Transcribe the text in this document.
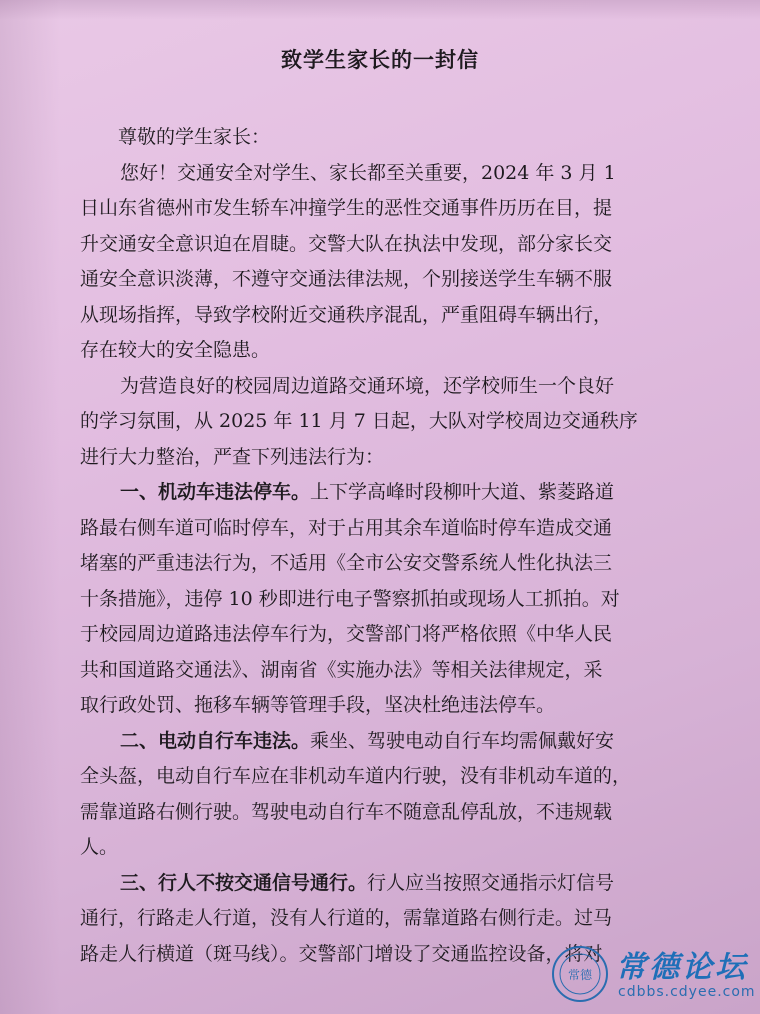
致学生家长的一封信

尊敬的学生家长：

您好！交通安全对学生、家长都至关重要，2024 年 3 月 1

日山东省德州市发生轿车冲撞学生的恶性交通事件历历在目，提

升交通安全意识迫在眉睫。交警大队在执法中发现，部分家长交

通安全意识淡薄，不遵守交通法律法规，个别接送学生车辆不服

从现场指挥，导致学校附近交通秩序混乱，严重阻碍车辆出行，

存在较大的安全隐患。

为营造良好的校园周边道路交通环境，还学校师生一个良好

的学习氛围，从 2025 年 11 月 7 日起，大队对学校周边交通秩序

进行大力整治，严查下列违法行为：

一、机动车违法停车。上下学高峰时段柳叶大道、紫菱路道

路最右侧车道可临时停车，对于占用其余车道临时停车造成交通

堵塞的严重违法行为，不适用《全市公安交警系统人性化执法三

十条措施》，违停 10 秒即进行电子警察抓拍或现场人工抓拍。对

于校园周边道路违法停车行为，交警部门将严格依照《中华人民

共和国道路交通法》、湖南省《实施办法》等相关法律规定，采

取行政处罚、拖移车辆等管理手段，坚决杜绝违法停车。

二、电动自行车违法。乘坐、驾驶电动自行车均需佩戴好安

全头盔，电动自行车应在非机动车道内行驶，没有非机动车道的，

需靠道路右侧行驶。驾驶电动自行车不随意乱停乱放，不违规载

人。

三、行人不按交通信号通行。行人应当按照交通指示灯信号

通行，行路走人行道，没有人行道的，需靠道路右侧行走。过马

路走人行横道（斑马线）。交警部门增设了交通监控设备，将对

常德 常德论坛
cdbbs.cdyee.com
